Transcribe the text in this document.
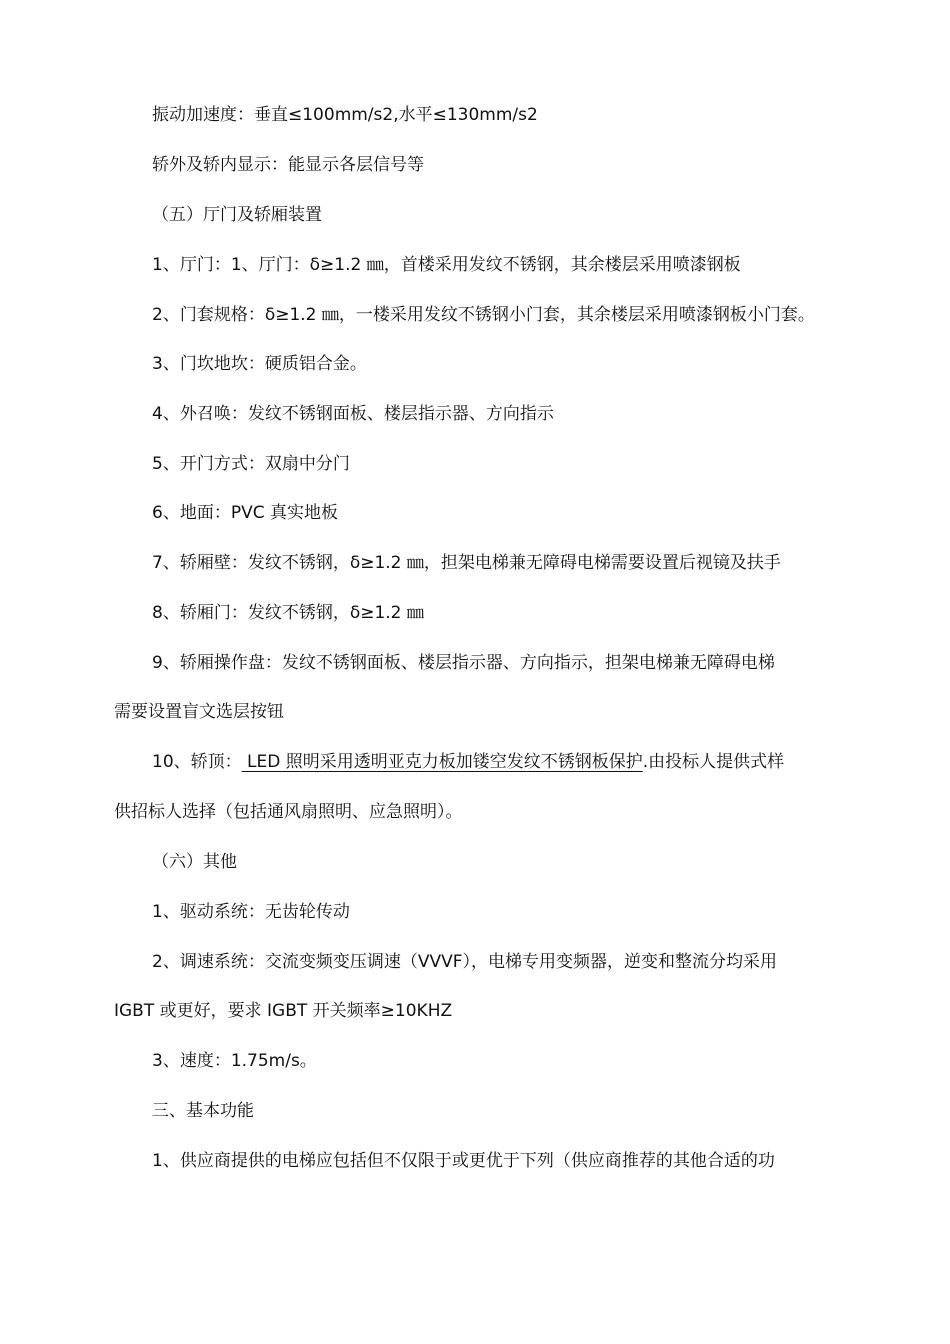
振动加速度：垂直≤100mm/s2,水平≤130mm/s2
轿外及轿内显示：能显示各层信号等
（五）厅门及轿厢装置
1、厅门：1、厅门：δ≥1.2 ㎜，首楼采用发纹不锈钢，其余楼层采用喷漆钢板
2、门套规格：δ≥1.2 ㎜，一楼采用发纹不锈钢小门套，其余楼层采用喷漆钢板小门套。
3、门坎地坎：硬质铝合金。
4、外召唤：发纹不锈钢面板、楼层指示器、方向指示
5、开门方式：双扇中分门
6、地面：PVC 真实地板
7、轿厢壁：发纹不锈钢，δ≥1.2 ㎜，担架电梯兼无障碍电梯需要设置后视镜及扶手
8、轿厢门：发纹不锈钢，δ≥1.2 ㎜
9、轿厢操作盘：发纹不锈钢面板、楼层指示器、方向指示，担架电梯兼无障碍电梯
需要设置盲文选层按钮
10、轿顶： LED 照明采用透明亚克力板加镂空发纹不锈钢板保护.由投标人提供式样
供招标人选择（包括通风扇照明、应急照明）。
（六）其他
1、驱动系统：无齿轮传动
2、调速系统：交流变频变压调速（VVVF），电梯专用变频器，逆变和整流分均采用
IGBT 或更好，要求 IGBT 开关频率≥10KHZ
3、速度：1.75m/s。
三、基本功能
1、供应商提供的电梯应包括但不仅限于或更优于下列（供应商推荐的其他合适的功
